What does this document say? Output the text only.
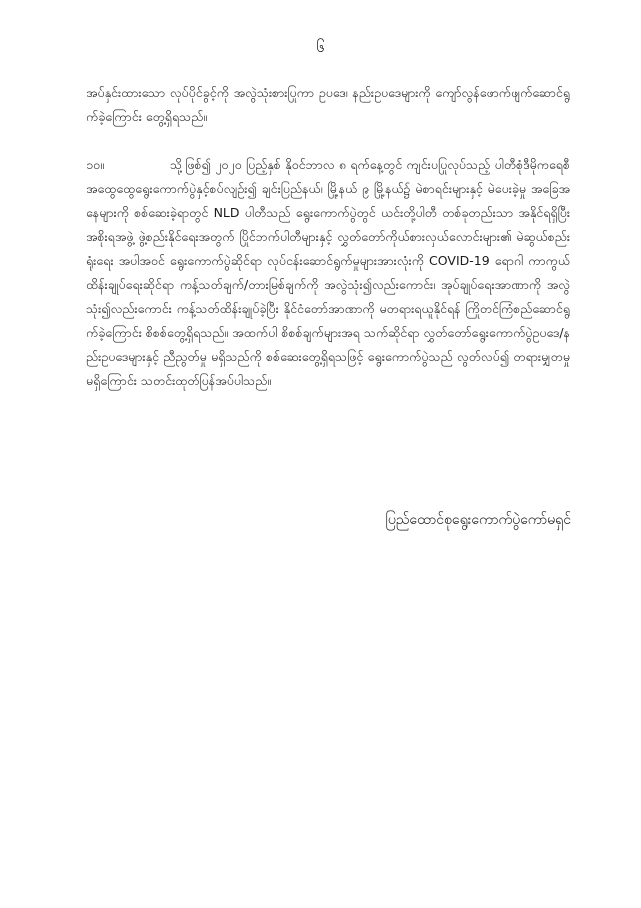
၆

အပ်နှင်းထားသော လုပ်ပိုင်ခွင့်ကို အလွဲသုံးစားပြုကာ ဥပဒေ၊ နည်းဥပဒေများကို ကျော်လွန်ဖောက်ဖျက်ဆောင်ရွက်ခဲ့ကြောင်း တွေ့ရှိရသည်။

၁၀။	သို့ဖြစ်၍ ၂၀၂၀ ပြည့်နှစ် နိုဝင်ဘာလ ၈ ရက်နေ့တွင် ကျင်းပပြုလုပ်သည့် ပါတီစုံဒီမိုကရေစီ အထွေထွေရွေးကောက်ပွဲနှင့်စပ်လျဉ်း၍ ချင်းပြည်နယ်၊ မြို့နယ် ၉ မြို့နယ်၌ မဲစာရင်းများနှင့် မဲပေးခဲ့မှု အခြေအနေများကို စစ်ဆေးခဲ့ရာတွင် NLD ပါတီသည် ရွေးကောက်ပွဲတွင် ယင်းတို့ပါတီ တစ်ခုတည်းသာ အနိုင်ရရှိပြီး အစိုးရအဖွဲ့ ဖွဲ့စည်းနိုင်ရေးအတွက် ပြိုင်ဘက်ပါတီများနှင့် လွှတ်တော်ကိုယ်စားလှယ်လောင်းများ၏ မဲဆွယ်စည်းရုံးရေး အပါအဝင် ရွေးကောက်ပွဲဆိုင်ရာ လုပ်ငန်းဆောင်ရွက်မှုများအားလုံးကို COVID-19 ရောဂါ ကာကွယ်ထိန်းချုပ်ရေးဆိုင်ရာ ကန့်သတ်ချက်/တားမြစ်ချက်ကို အလွဲသုံး၍လည်းကောင်း၊ အုပ်ချုပ်ရေးအာဏာကို အလွဲသုံး၍လည်းကောင်း ကန့်သတ်ထိန်းချုပ်ခဲ့ပြီး နိုင်ငံတော်အာဏာကို မတရားရယူနိုင်ရန် ကြိုတင်ကြံစည်ဆောင်ရွက်ခဲ့ကြောင်း စိစစ်တွေ့ရှိရသည်။ အထက်ပါ စိစစ်ချက်များအရ သက်ဆိုင်ရာ လွှတ်တော်ရွေးကောက်ပွဲဥပဒေ/နည်းဥပဒေများနှင့် ညီညွတ်မှု မရှိသည်ကို စစ်ဆေးတွေ့ရှိရသဖြင့် ရွေးကောက်ပွဲသည် လွတ်လပ်၍ တရားမျှတမှု မရှိကြောင်း သတင်းထုတ်ပြန်အပ်ပါသည်။

ပြည်ထောင်စုရွေးကောက်ပွဲကော်မရှင်
